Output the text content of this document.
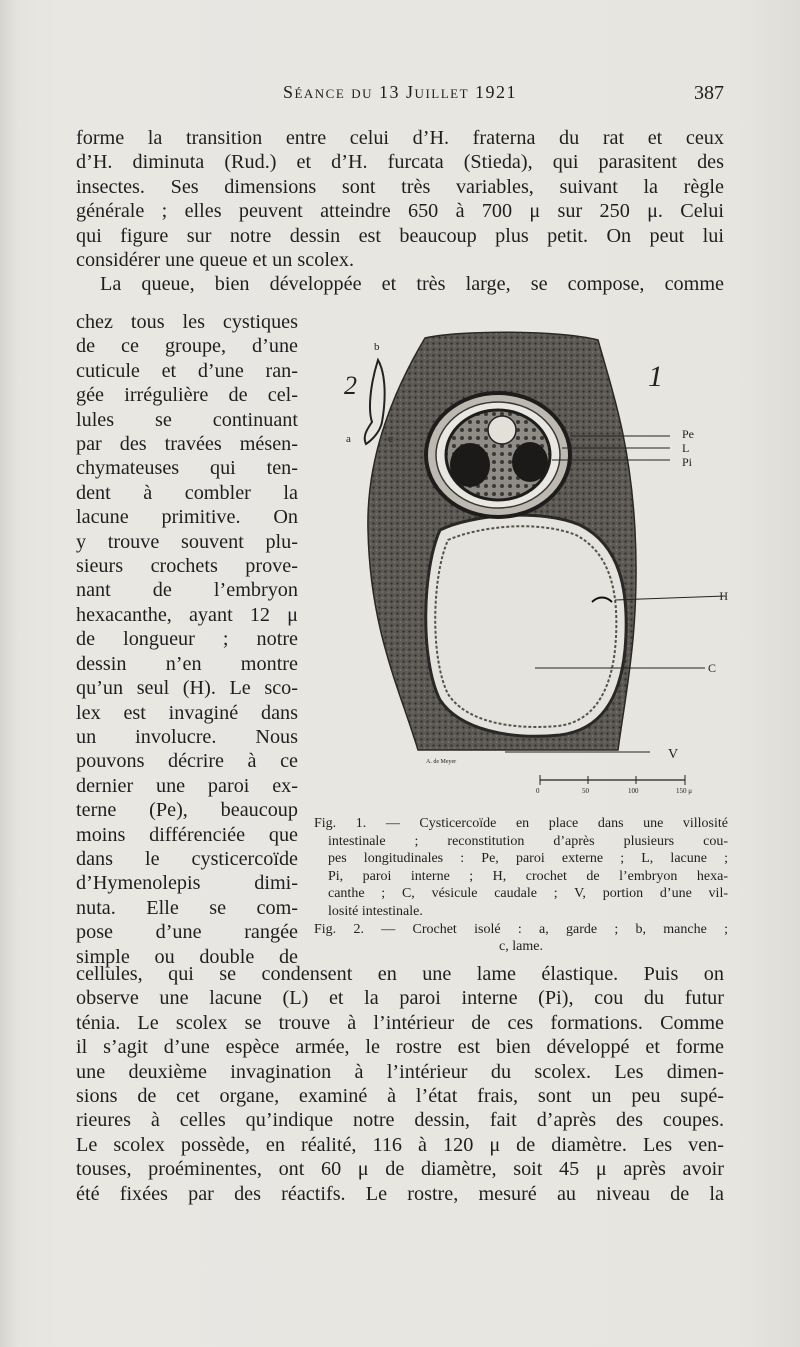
Séance du 13 Juillet 1921	387
forme la transition entre celui d’H. fraterna du rat et ceux
d’H. diminuta (Rud.) et d’H. furcata (Stieda), qui parasitent des
insectes. Ses dimensions sont très variables, suivant la règle
générale ; elles peuvent atteindre 650 à 700 μ sur 250 μ. Celui
qui figure sur notre dessin est beaucoup plus petit. On peut lui
considérer une queue et un scolex.
La queue, bien développée et très large, se compose, comme
chez tous les cystiques
de ce groupe, d’une
cuticule et d’une ran-
gée irrégulière de cel-
lules se continuant
par des travées mésen-
chymateuses qui ten-
dent à combler la
lacune primitive. On
y trouve souvent plu-
sieurs crochets prove-
nant de l’embryon
hexacanthe, ayant 12 μ
de longueur ; notre
dessin n’en montre
qu’un seul (H). Le sco-
lex est invaginé dans
un involucre. Nous
pouvons décrire à ce
dernier une paroi ex-
terne (Pe), beaucoup
moins différenciée que
dans le cysticercoïde
d’Hymenolepis dimi-
nuta. Elle se com-
pose d’une rangée
simple ou double de
2	1
b
a	c	Pe
L
Pi
H
C
V
A. de Meyer
0	50	100	150 μ
Fig. 1. — Cysticercoïde en place dans une villosité
intestinale ; reconstitution d’après plusieurs cou-
pes longitudinales : Pe, paroi externe ; L, lacune ;
Pi, paroi interne ; H, crochet de l’embryon hexa-
canthe ; C, vésicule caudale ; V, portion d’une vil-
losité intestinale.
Fig. 2. — Crochet isolé : a, garde ; b, manche ;
c, lame.
cellules, qui se condensent en une lame élastique. Puis on
observe une lacune (L) et la paroi interne (Pi), cou du futur
ténia. Le scolex se trouve à l’intérieur de ces formations. Comme
il s’agit d’une espèce armée, le rostre est bien développé et forme
une deuxième invagination à l’intérieur du scolex. Les dimen-
sions de cet organe, examiné à l’état frais, sont un peu supé-
rieures à celles qu’indique notre dessin, fait d’après des coupes.
Le scolex possède, en réalité, 116 à 120 μ de diamètre. Les ven-
touses, proéminentes, ont 60 μ de diamètre, soit 45 μ après avoir
été fixées par des réactifs. Le rostre, mesuré au niveau de la
